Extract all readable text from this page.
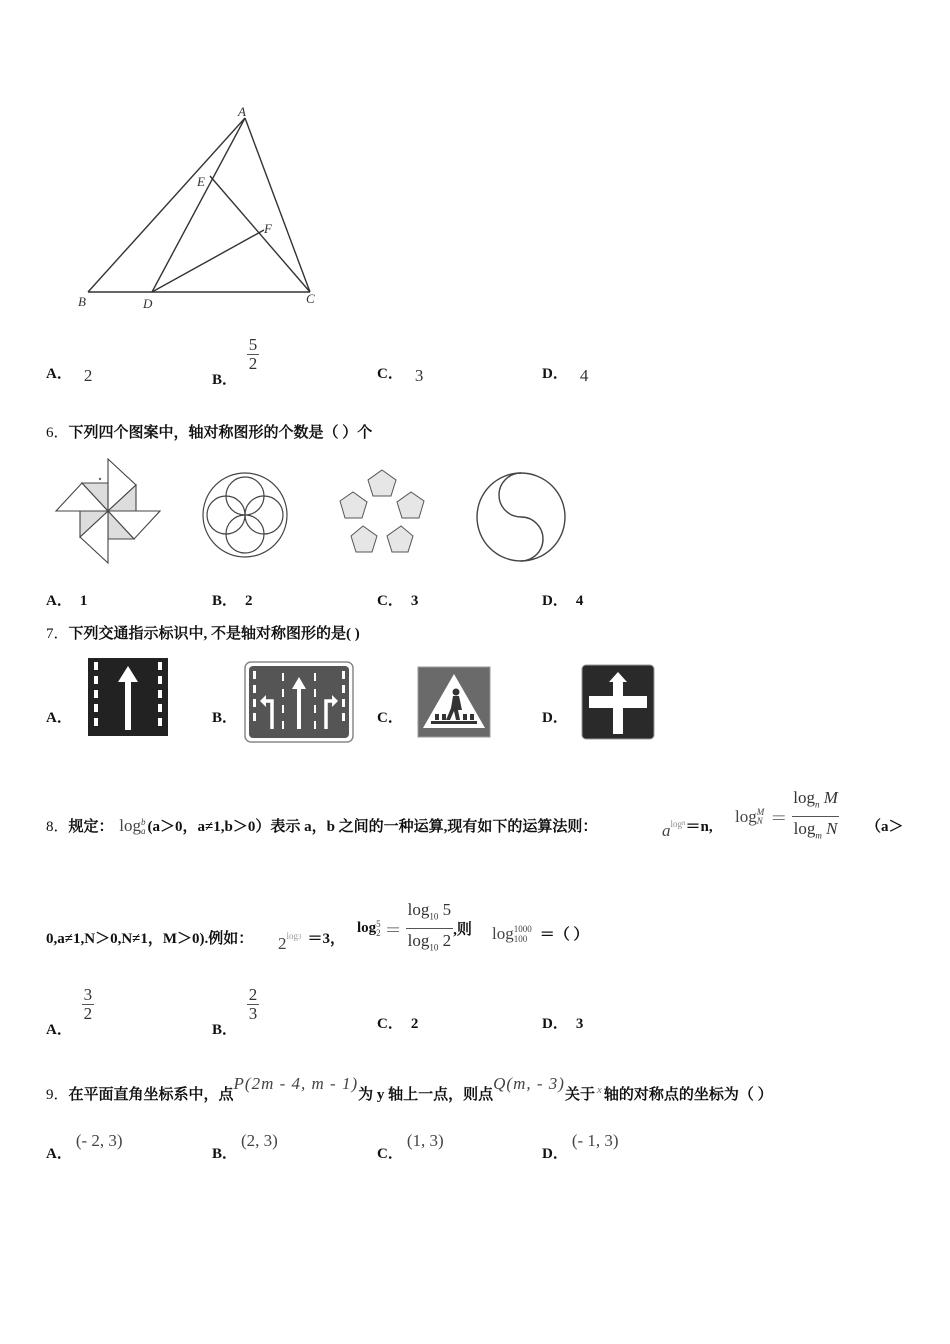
A
B	C
D
E
F
A． 2	B．
$\frac{5}{2}$
C． 3	D． 4
6．下列四个图案中，轴对称图形的个数是（ ）个
A． 1	B． 2	C． 3	D． 4
7．下列交通指示标识中, 不是轴对称图形的是( )
A．	B．	C．	D．
8．规定： log b
a (a＞0，a≠1,b＞0）表示 a，b 之间的一种运算,现有如下的运算法则：	$a^{logn}=n$,
log M
$N = \frac{\log_n M}{\log_m N} (a>$
0,a≠1,N＞0,N≠1，M＞0).例如： $2^{log3} =3$，
log 5
$2 = \frac{\log_{10} 5}{\log_{10} 2}$ ,则 log 1000
100 ＝（ ）
A．
$\frac{3}{2}$
B．
$\frac{2}{3}$
C． 2	D． 3
9．在平面直角坐标系中，点P(2m - 4, m - 1)为 y 轴上一点，则点Q(m, - 3)关于 $^x$ 轴的对称点的坐标为（ ）
A．(- 2, 3)
B．(2, 3)
C．(1, 3)
D．(- 1, 3)
